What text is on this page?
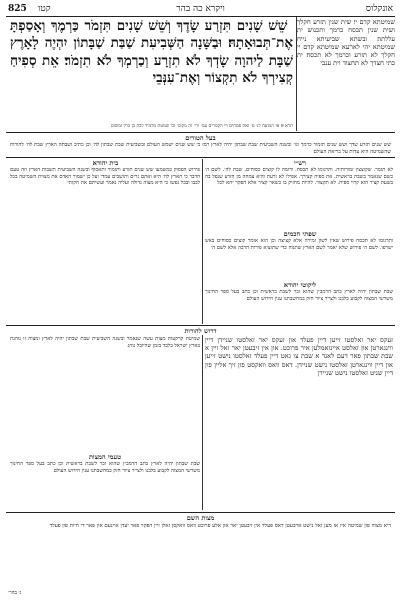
825 קטו	ויקרא כה בהר	אונקלוס
׃ שֵׁשׁ שָׁנִים תִּזְרַע שָׂדֶךָ וְשֵׁשׁ שָׁנִים תִּזְמֹר כַּרְמֶךָ וְאָסַפְתָּ אֶת־תְּבוּאָתָהּ׃ וּבַשָּׁנָה הַשְּׁבִיעִת שַׁבַּת שַׁבָּתוֹן יִהְיֶה לָאָרֶץ שַׁבָּת לַיהוָה שָׂדְךָ לֹא תִזְרָע וְכַרְמְךָ לֹא תִזְמֹר׃ אֵת סְפִיחַ קְצִירְךָ לֹא תִקְצוֹר וְאֶת־עִנְּבֵי
שמיטתא קדם יי׃ שית שנין תזרע חקלך ושית שנין תכסח כרמך ותכנוש ית עללתה׃ ובשתא שביעיתא נייח שמיטתא יהי לארעא שמיטתא קדם יי חקלך לא תזרע וכרמך לא תכסח׃ ית כתי חצדך לא תחצוד וית ענבי
תרא 9 אי המועה לנ׳ ט׳ ואת פסחים ויי הקמרים עמ׳ ורי׳ וה מקומ׳ וכי שמטת מלמיד לבת כן ברל ומשום
בעל הטורים
שש שנים תזרע שדך ושש שנים תזמור כרמך וגו׳ ובשנה השביעית שבת שבתון יהיה לארץ רמז כי שש שנים ישמש העולם ובשביעית שבת שבתון לה׳ וכן כתיב ושבתה הארץ שבת לה׳ להורות שהשמיטה היא עדות על בריאת העולם
רש״י
לא תזמר. שקוצצין זמורותיה. ותרגומו לא תכסח. ודומה לו קוצים כסוחים. שבת לה׳. לשם ה׳ כשם שנאמר בשבת בראשית. את ספיח קצירך. אפילו לא זרעת והיא צמחה מן הזרע שנפל בה בשעת קציר הוא קרוי ספיח. לא תקצור. להיות מחזיק בו כשאר קציר אלא הפקר יהא לכל
בית יהודא
פירוש הפסוק כמשמעו שש שנים תזרע ותזמור ותאסוף ובשנה השביעית תשבות הארץ וזה טעם הדבר כי הארץ לה׳ היא ואתם גרים ותושבים עמדי ועל כן ישמור האדם את מצוות השמיטה בכל לבבו ובכל נפשו כי היא מצוה גדולה ועליה נאמר ועשיתם את חקותי
שפתי חכמים
ותרגומו לא תכסח פירוש שאין לשון זמירה אלא קציצה וכן הוא אומר קוצים כסוחים באש ישרפו. לשם ה׳ פירוש שלא יאמר לשם הארץ שתנוח כדי שתוציא פירות הרבה אלא לשם ה׳
ליקוטי יהודא
שבת שבתון יהיה לארץ כתב הרמב״ן שהוא זכר לשבת בראשית וכן כתב בעל ספר החינוך משרשי המצוה לקבוע בלבנו ולצייר ציור חזק במחשבתנו ענין חידוש העולם
דרוש להורות
זעקס יאר זאלסטו זייען דיין פעלד און זעקס יאר זאלסטו שניידן דיין ווינגארטן און זאלסט איינזאמלען איר פרוכט. און אין זיבעטן יאר זאל זיין א שבת שבתון פאר דעם לאנד א שבת צו גאט דיין פעלד זאלסטו נישט זייען און דיין ווינגארטן זאלסטו נישט שניידן. דאס וואס וואקסט פון זיך אליין פון דיין שניט זאלסטו נישט שניידן
שמיטת קרקעות מצות עשה שנאמר ובשנה השביעית שבת שבתון יהיה לארץ ומצוה זו נוהגת בארץ ישראל בלבד בזמן שהיובל נוהג
טעמי המצות
שבת שבתון יהיה לארץ כתב הרמב״ן שהוא זכר לשבת בראשית וכן כתב בעל ספר החינוך משרשי המצוה לקבוע בלבנו ולצייר ציור חזק במחשבתנו ענין חידוש העולם
מצות השם
דיא מצוה פון שמיטה איז אז מען זאל נישט ארבעטן דאס פעלד אין זיבעטן יאר און אלע פרוכט וואס וואקסן זאלן זיין הפקר פאר יעדן איינעם און פאר די חיות פון פעלד
ג׳ בהר׳
